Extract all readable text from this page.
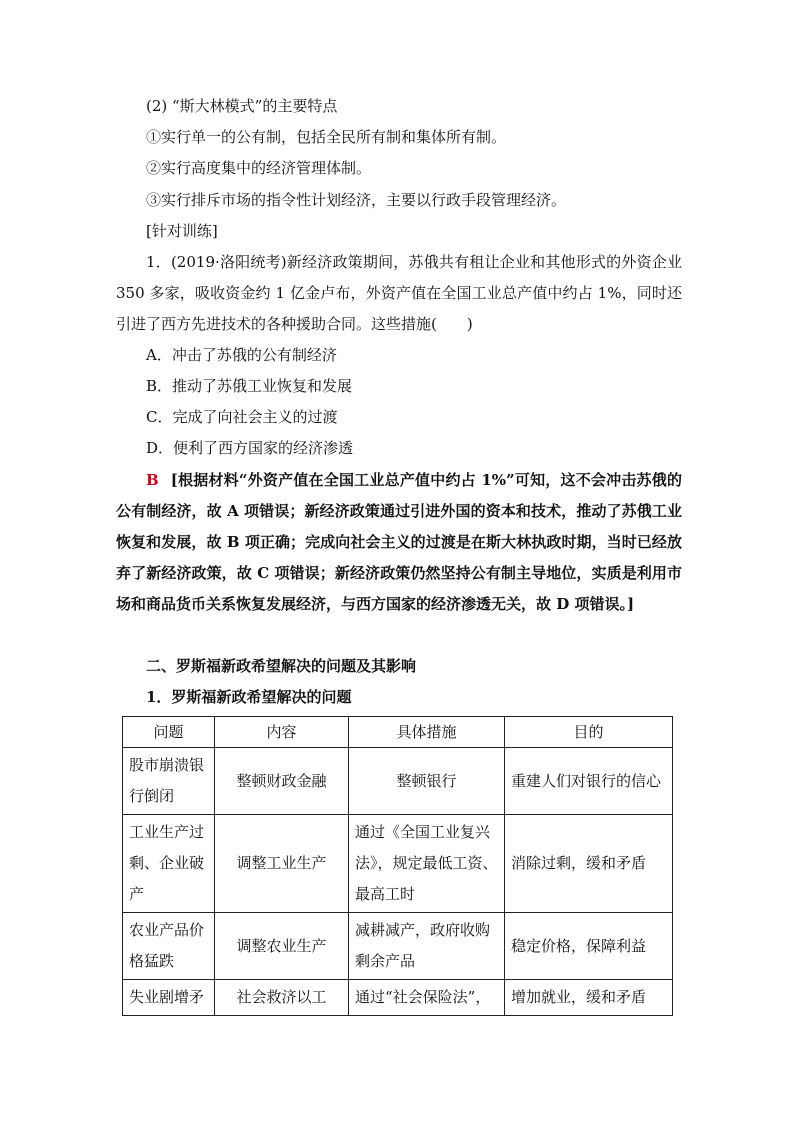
(2) “斯大林模式”的主要特点
①实行单一的公有制，包括全民所有制和集体所有制。
②实行高度集中的经济管理体制。
③实行排斥市场的指令性计划经济，主要以行政手段管理经济。
[针对训练]
1．(2019·洛阳统考)新经济政策期间，苏俄共有租让企业和其他形式的外资企业 350 多家，吸收资金约 1 亿金卢布，外资产值在全国工业总产值中约占 1%，同时还引进了西方先进技术的各种援助合同。这些措施(　　)
A．冲击了苏俄的公有制经济
B．推动了苏俄工业恢复和发展
C．完成了向社会主义的过渡
D．便利了西方国家的经济渗透
B [根据材料“外资产值在全国工业总产值中约占 1%”可知，这不会冲击苏俄的公有制经济，故 A 项错误；新经济政策通过引进外国的资本和技术，推动了苏俄工业恢复和发展，故 B 项正确；完成向社会主义的过渡是在斯大林执政时期，当时已经放弃了新经济政策，故 C 项错误；新经济政策仍然坚持公有制主导地位，实质是利用市场和商品货币关系恢复发展经济，与西方国家的经济渗透无关，故 D 项错误。]
二、罗斯福新政希望解决的问题及其影响
1．罗斯福新政希望解决的问题
问题	内容	具体措施	目的
股市崩溃银行倒闭	整顿财政金融	整顿银行	重建人们对银行的信心
工业生产过剩、企业破产	调整工业生产	通过《全国工业复兴法》，规定最低工资、最高工时	消除过剩，缓和矛盾
农业产品价格猛跌	调整农业生产	减耕减产，政府收购剩余产品	稳定价格，保障利益
失业剧增矛	社会救济以工	通过“社会保险法”，	增加就业，缓和矛盾
